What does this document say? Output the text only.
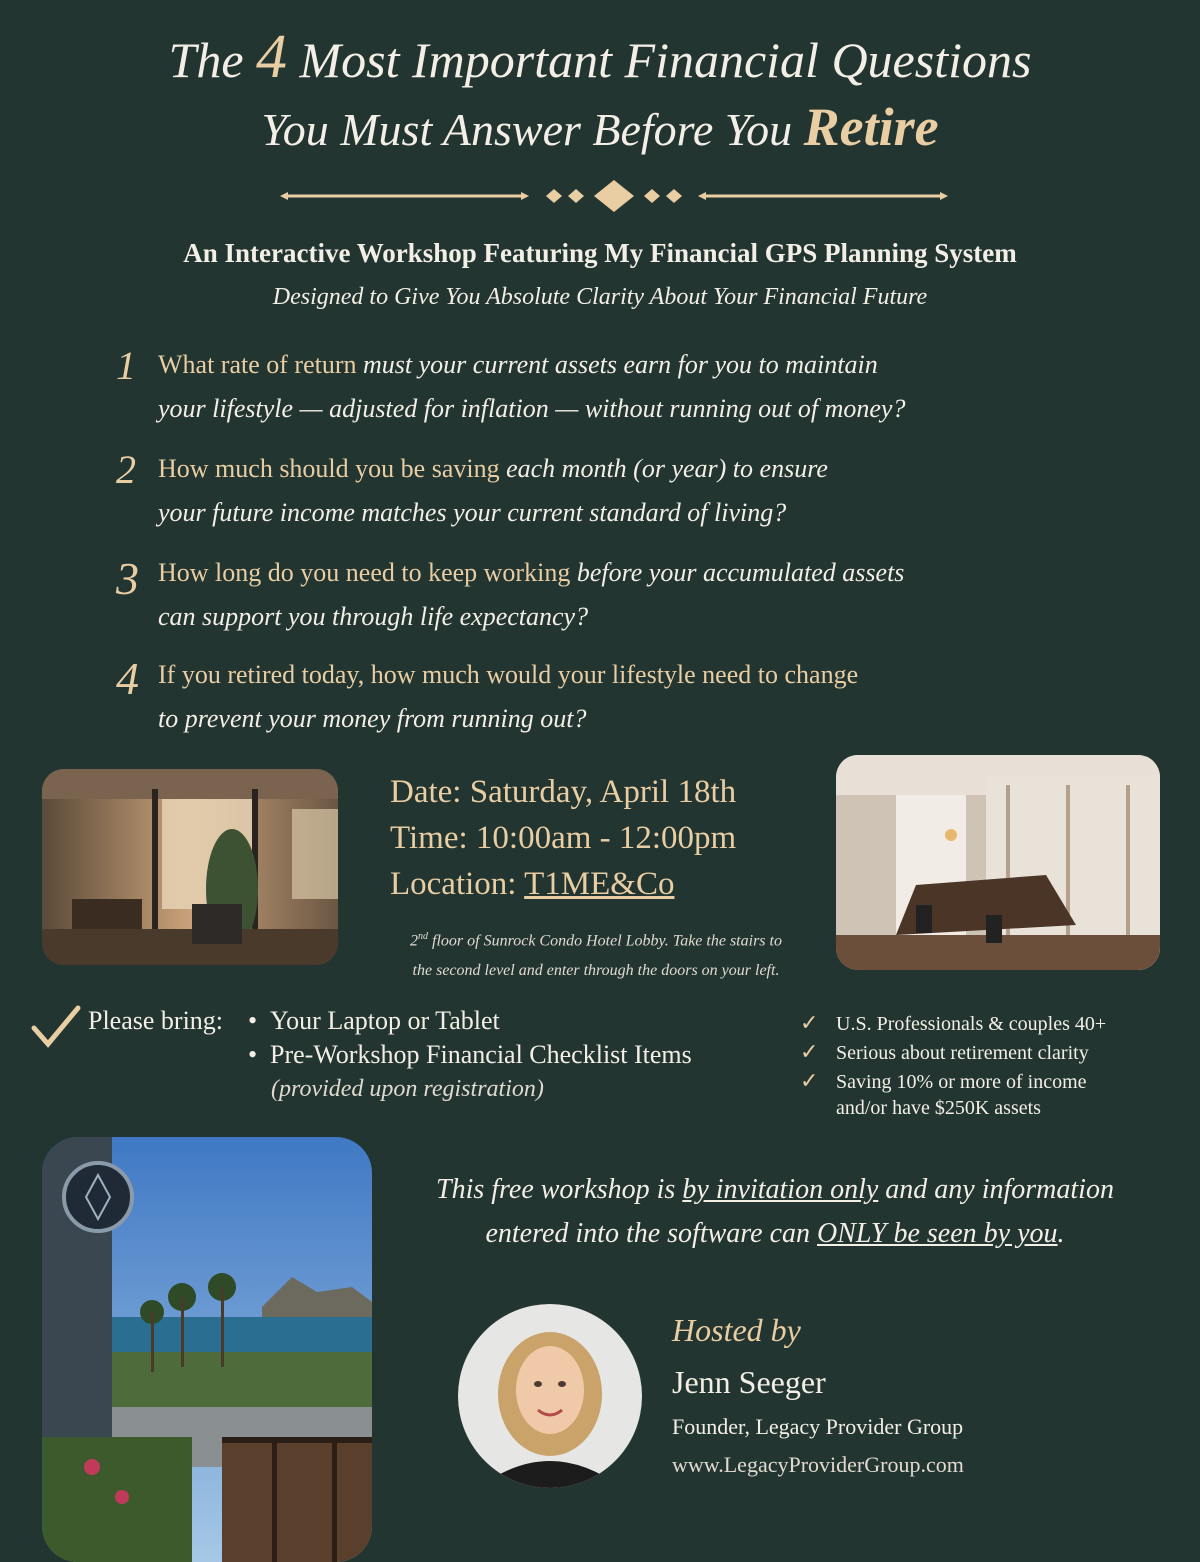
The 4 Most Important Financial Questions
You Must Answer Before You Retire
An Interactive Workshop Featuring My Financial GPS Planning System
Designed to Give You Absolute Clarity About Your Financial Future
1 What rate of return must your current assets earn for you to maintain
your lifestyle — adjusted for inflation — without running out of money?
2 How much should you be saving each month (or year) to ensure
your future income matches your current standard of living?
3 How long do you need to keep working before your accumulated assets
can support you through life expectancy?
4 If you retired today, how much would your lifestyle need to change
to prevent your money from running out?
Date: Saturday, April 18th
Time: 10:00am - 12:00pm
Location: T1ME&Co
2nd floor of Sunrock Condo Hotel Lobby. Take the stairs to
the second level and enter through the doors on your left.
Please bring: • Your Laptop or Tablet
• Pre-Workshop Financial Checklist Items
(provided upon registration)
✓ U.S. Professionals & couples 40+
✓ Serious about retirement clarity
✓ Saving 10% or more of income
and/or have $250K assets
This free workshop is by invitation only and any information
entered into the software can ONLY be seen by you.
Hosted by
Jenn Seeger
Founder, Legacy Provider Group
www.LegacyProviderGroup.com
